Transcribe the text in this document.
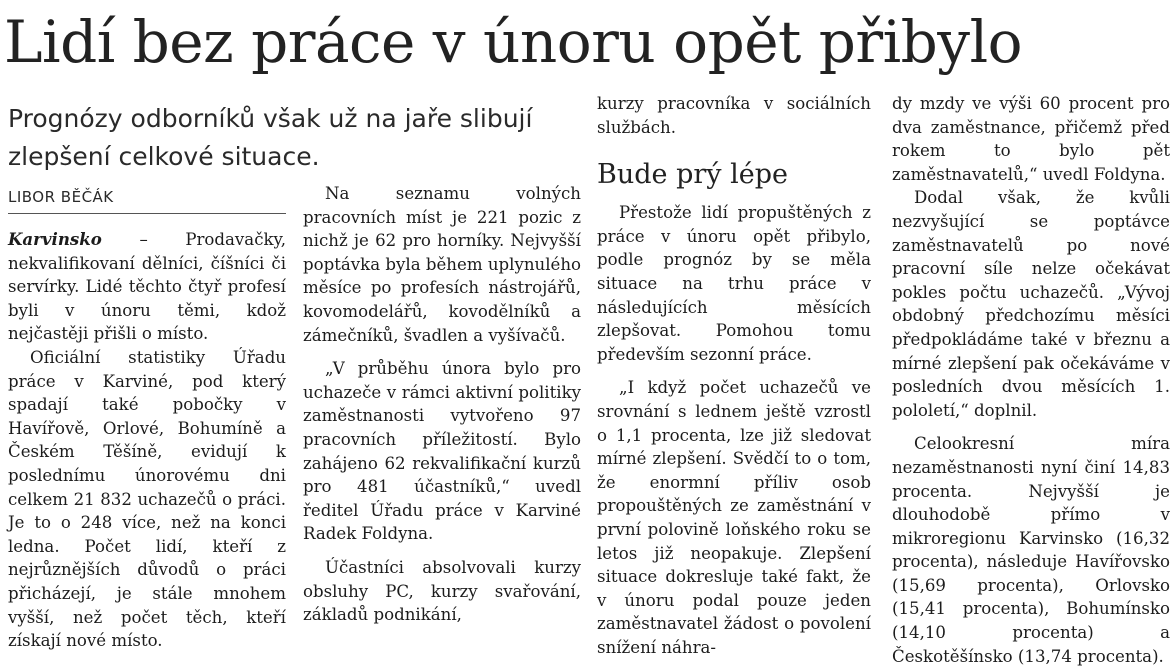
Lidí bez práce v únoru opět přibylo
Prognózy odborníků však už na jaře slibují zlepšení celkové situace.
LIBOR BĚČÁK

Karvinsko – Prodavačky, nekvalifikovaní dělníci, číšníci či servírky. Lidé těchto čtyř profesí byli v únoru těmi, kdož nejčastěji přišli o místo.

Oficiální statistiky Úřadu práce v Karviné, pod který spadají také pobočky v Havířově, Orlové, Bohumíně a Českém Těšíně, evidují k poslednímu únorovému dni celkem 21 832 uchazečů o práci. Je to o 248 více, než na konci ledna. Počet lidí, kteří z nejrůznějších důvodů o práci přicházejí, je stále mnohem vyšší, než počet těch, kteří získají nové místo.

Na seznamu volných pracovních míst je 221 pozic z nichž je 62 pro horníky. Nejvyšší poptávka byla během uplynulého měsíce po profesích nástrojářů, kovomodelářů, kovodělníků a zámečníků, švadlen a vyšívačů.

„V průběhu února bylo pro uchazeče v rámci aktivní politiky zaměstnanosti vytvořeno 97 pracovních příležitostí. Bylo zahájeno 62 rekvalifikační kurzů pro 481 účastníků,“ uvedl ředitel Úřadu práce v Karviné Radek Foldyna.

Účastníci absolvovali kurzy obsluhy PC, kurzy svařování, základů podnikání,

kurzy pracovníka v sociálních službách.

Bude prý lépe

Přestože lidí propuštěných z práce v únoru opět přibylo, podle prognóz by se měla situace na trhu práce v následujících měsících zlepšovat. Pomohou tomu především sezonní práce.

„I když počet uchazečů ve srovnání s lednem ještě vzrostl o 1,1 procenta, lze již sledovat mírné zlepšení. Svědčí to o tom, že enormní příliv osob propouštěných ze zaměstnání v první polovině loňského roku se letos již neopakuje. Zlepšení situace dokresluje také fakt, že v únoru podal pouze jeden zaměstnavatel žádost o povolení snížení náhra-

dy mzdy ve výši 60 procent pro dva zaměstnance, přičemž před rokem to bylo pět zaměstnavatelů,“ uvedl Foldyna.

Dodal však, že kvůli nezvyšující se poptávce zaměstnavatelů po nové pracovní síle nelze očekávat pokles počtu uchazečů. „Vývoj obdobný předchozímu měsíci předpokládáme také v březnu a mírné zlepšení pak očekáváme v posledních dvou měsících 1. pololetí,“ doplnil.

Celookresní míra nezaměstnanosti nyní činí 14,83 procenta. Nejvyšší je dlouhodobě přímo v mikroregionu Karvinsko (16,32 procenta), následuje Havířovsko (15,69 procenta), Orlovsko (15,41 procenta), Bohumínsko (14,10 procenta) a Českotěšínsko (13,74 procenta).
